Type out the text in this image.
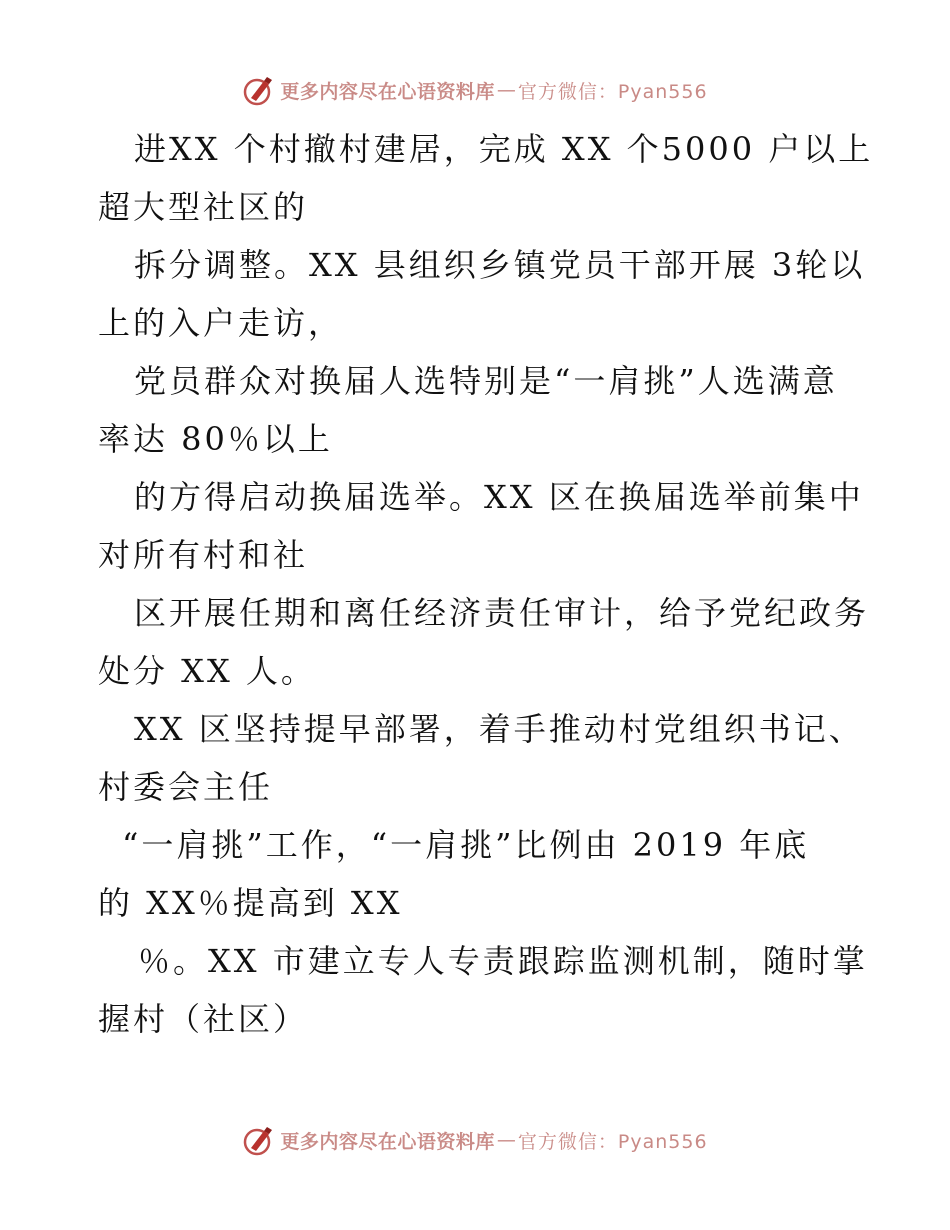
更多内容尽在心语资料库 — 官方微信：Pyan556
进XX 个村撤村建居，完成 XX 个5000 户以上
超大型社区的
拆分调整。XX 县组织乡镇党员干部开展 3轮以
上的入户走访，
党员群众对换届人选特别是“一肩挑”人选满意
率达 80％以上
的方得启动换届选举。XX 区在换届选举前集中
对所有村和社
区开展任期和离任经济责任审计，给予党纪政务
处分 XX 人。
XX 区坚持提早部署，着手推动村党组织书记、
村委会主任
“一肩挑”工作，“一肩挑”比例由 2019 年底
的 XX％提高到 XX
％。XX 市建立专人专责跟踪监测机制，随时掌
握村（社区）
更多内容尽在心语资料库 — 官方微信：Pyan556
